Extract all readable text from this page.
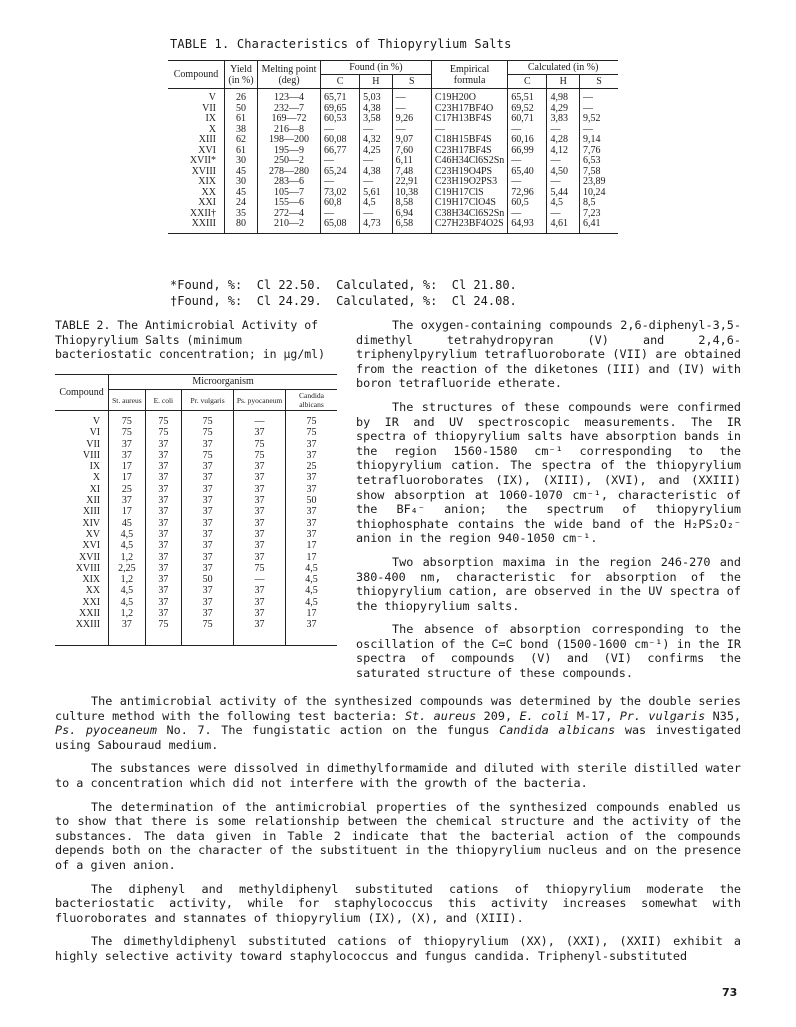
TABLE 1. Characteristics of Thiopyrylium Salts
Compound	Yield (in %)	Melting point (deg)	Found (in %)			Empirical formula	Calculated (in %)		
			C	H	S		C	H	S
V	26	123—4	65,71	5,03	—	C19H20O	65,51	4,98	—
VII	50	232—7	69,65	4,38	—	C23H17BF4O	69,52	4,29	—
IX	61	169—72	60,53	3,58	9,26	C17H13BF4S	60,71	3,83	9,52
X	38	216—8	—	—	—	—	—	—	—
XIII	62	198—200	60,08	4,32	9,07	C18H15BF4S	60,16	4,28	9,14
XVI	61	195—9	66,77	4,25	7,60	C23H17BF4S	66,99	4,12	7,76
XVII*	30	250—2	—	—	6,11	C46H34Cl6S2Sn	—	—	6,53
XVIII	45	278—280	65,24	4,38	7,48	C23H19O4PS	65,40	4,50	7,58
XIX	30	283—6	—	—	22,91	C23H19O2PS3	—	—	23,89
XX	45	105—7	73,02	5,61	10,38	C19H17ClS	72,96	5,44	10,24
XXI	24	155—6	60,8	4,5	8,58	C19H17ClO4S	60,5	4,5	8,5
XXII†	35	272—4	—	—	6,94	C38H34Cl6S2Sn	—	—	7,23
XXIII	80	210—2	65,08	4,73	6,58	C27H23BF4O2S	64,93	4,61	6,41
*Found, %:  Cl 22.50.  Calculated, %:  Cl 21.80.
†Found, %:  Cl 24.29.  Calculated, %:  Cl 24.08.
TABLE 2. The Antimicrobial Activity of Thiopyrylium Salts (minimum bacteriostatic concentration; in μg/ml)
Compound	Microorganism				
	St. aureus	E. coli	Pr. vulgaris	Ps. pyocaneum	Candida albicans
V	75	75	75	—	75
VI	75	75	75	37	75
VII	37	37	37	75	37
VIII	37	37	75	75	37
IX	17	37	37	37	25
X	17	37	37	37	37
XI	25	37	37	37	37
XII	37	37	37	37	50
XIII	17	37	37	37	37
XIV	45	37	37	37	37
XV	4,5	37	37	37	37
XVI	4,5	37	37	37	17
XVII	1,2	37	37	37	17
XVIII	2,25	37	37	75	4,5
XIX	1,2	37	50	—	4,5
XX	4,5	37	37	37	4,5
XXI	4,5	37	37	37	4,5
XXII	1,2	37	37	37	17
XXIII	37	75	75	37	37

The oxygen-containing compounds 2,6-diphenyl-3,5-dimethyl tetrahydropyran (V) and 2,4,6-triphenylpyrylium tetrafluoroborate (VII) are obtained from the reaction of the diketones (III) and (IV) with boron tetrafluoride etherate.

The structures of these compounds were confirmed by IR and UV spectroscopic measurements. The IR spectra of thiopyrylium salts have absorption bands in the region 1560-1580 cm⁻¹ corresponding to the thiopyrylium cation. The spectra of the thiopyrylium tetrafluoroborates (IX), (XIII), (XVI), and (XXIII) show absorption at 1060-1070 cm⁻¹, characteristic of the BF₄⁻ anion; the spectrum of thiopyrylium thiophosphate contains the wide band of the H₂PS₂O₂⁻ anion in the region 940-1050 cm⁻¹.

Two absorption maxima in the region 246-270 and 380-400 nm, characteristic for absorption of the thiopyrylium cation, are observed in the UV spectra of the thiopyrylium salts.

The absence of absorption corresponding to the oscillation of the C=C bond (1500-1600 cm⁻¹) in the IR spectra of compounds (V) and (VI) confirms the saturated structure of these compounds.

The antimicrobial activity of the synthesized compounds was determined by the double series culture method with the following test bacteria: St. aureus 209, E. coli M-17, Pr. vulgaris N35, Ps. pyoceaneum No. 7. The fungistatic action on the fungus Candida albicans was investigated using Sabouraud medium.

The substances were dissolved in dimethylformamide and diluted with sterile distilled water to a concentration which did not interfere with the growth of the bacteria.

The determination of the antimicrobial properties of the synthesized compounds enabled us to show that there is some relationship between the chemical structure and the activity of the substances. The data given in Table 2 indicate that the bacterial action of the compounds depends both on the character of the substituent in the thiopyrylium nucleus and on the presence of a given anion.

The diphenyl and methyldiphenyl substituted cations of thiopyrylium moderate the bacteriostatic activity, while for staphylococcus this activity increases somewhat with fluoroborates and stannates of thiopyrylium (IX), (X), and (XIII).

The dimethyldiphenyl substituted cations of thiopyrylium (XX), (XXI), (XXII) exhibit a highly selective activity toward staphylococcus and fungus candida. Triphenyl-substituted

73
